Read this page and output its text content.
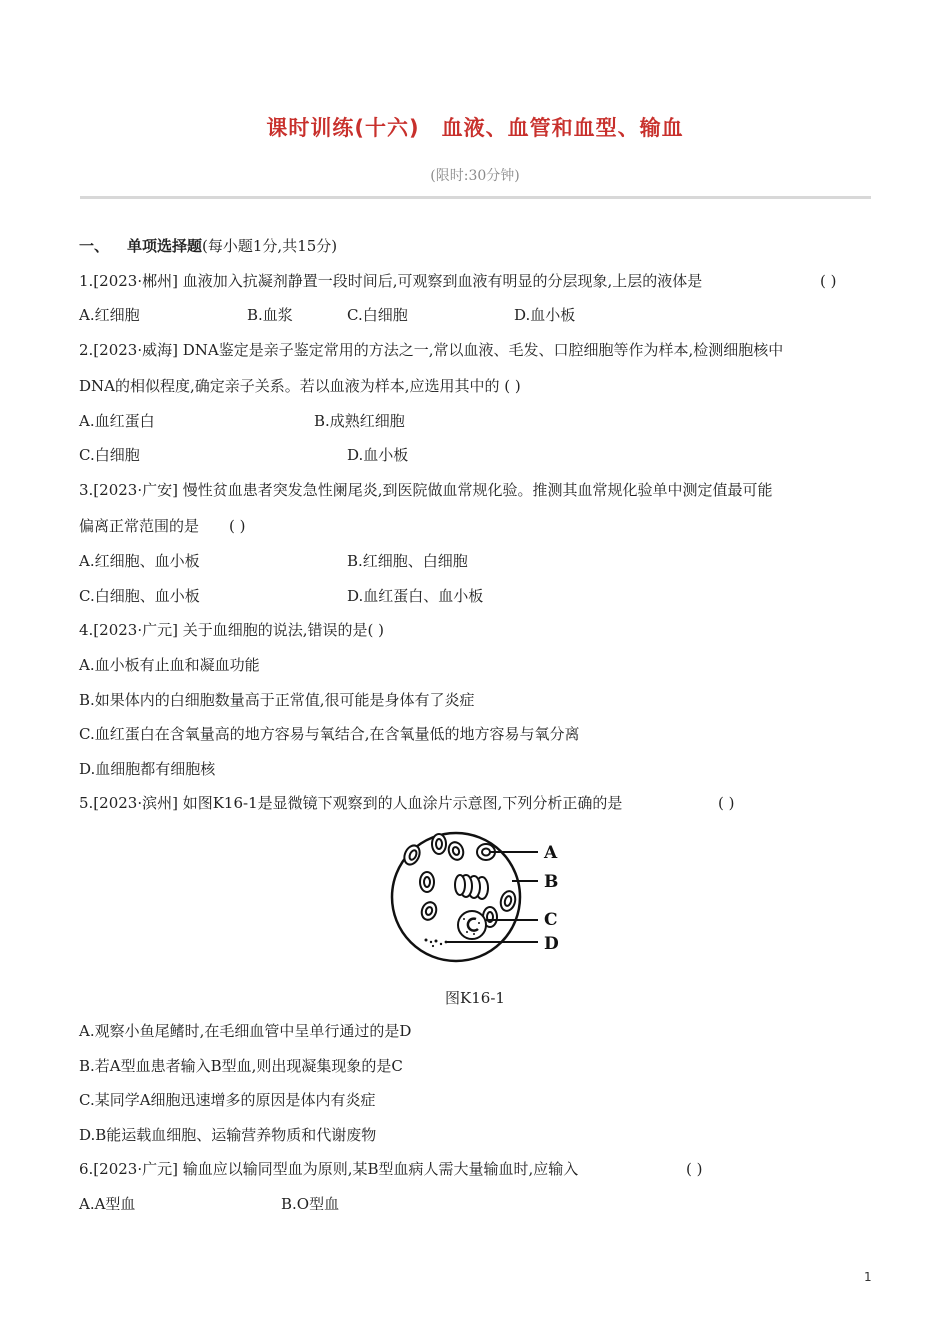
课时训练(十六) 血液、血管和血型、输血
(限时:30分钟)
一、 单项选择题(每小题1分,共15分)
1.[2023·郴州] 血液加入抗凝剂静置一段时间后,可观察到血液有明显的分层现象,上层的液体是	( )
A.红细胞	B.血浆	C.白细胞	D.血小板
2.[2023·威海] DNA鉴定是亲子鉴定常用的方法之一,常以血液、毛发、口腔细胞等作为样本,检测细胞核中
DNA的相似程度,确定亲子关系。若以血液为样本,应选用其中的 ( )
A.血红蛋白	B.成熟红细胞
C.白细胞	D.血小板
3.[2023·广安] 慢性贫血患者突发急性阑尾炎,到医院做血常规化验。推测其血常规化验单中测定值最可能
偏离正常范围的是 ( )
A.红细胞、血小板	B.红细胞、白细胞
C.白细胞、血小板	D.血红蛋白、血小板
4.[2023·广元] 关于血细胞的说法,错误的是( )
A.血小板有止血和凝血功能
B.如果体内的白细胞数量高于正常值,很可能是身体有了炎症
C.血红蛋白在含氧量高的地方容易与氧结合,在含氧量低的地方容易与氧分离
D.血细胞都有细胞核
5.[2023·滨州] 如图K16-1是显微镜下观察到的人血涂片示意图,下列分析正确的是	( )
A
B
C
D
图K16-1
A.观察小鱼尾鳍时,在毛细血管中呈单行通过的是D
B.若A型血患者输入B型血,则出现凝集现象的是C
C.某同学A细胞迅速增多的原因是体内有炎症
D.B能运载血细胞、运输营养物质和代谢废物
6.[2023·广元] 输血应以输同型血为原则,某B型血病人需大量输血时,应输入	( )
A.A型血	B.O型血
1
